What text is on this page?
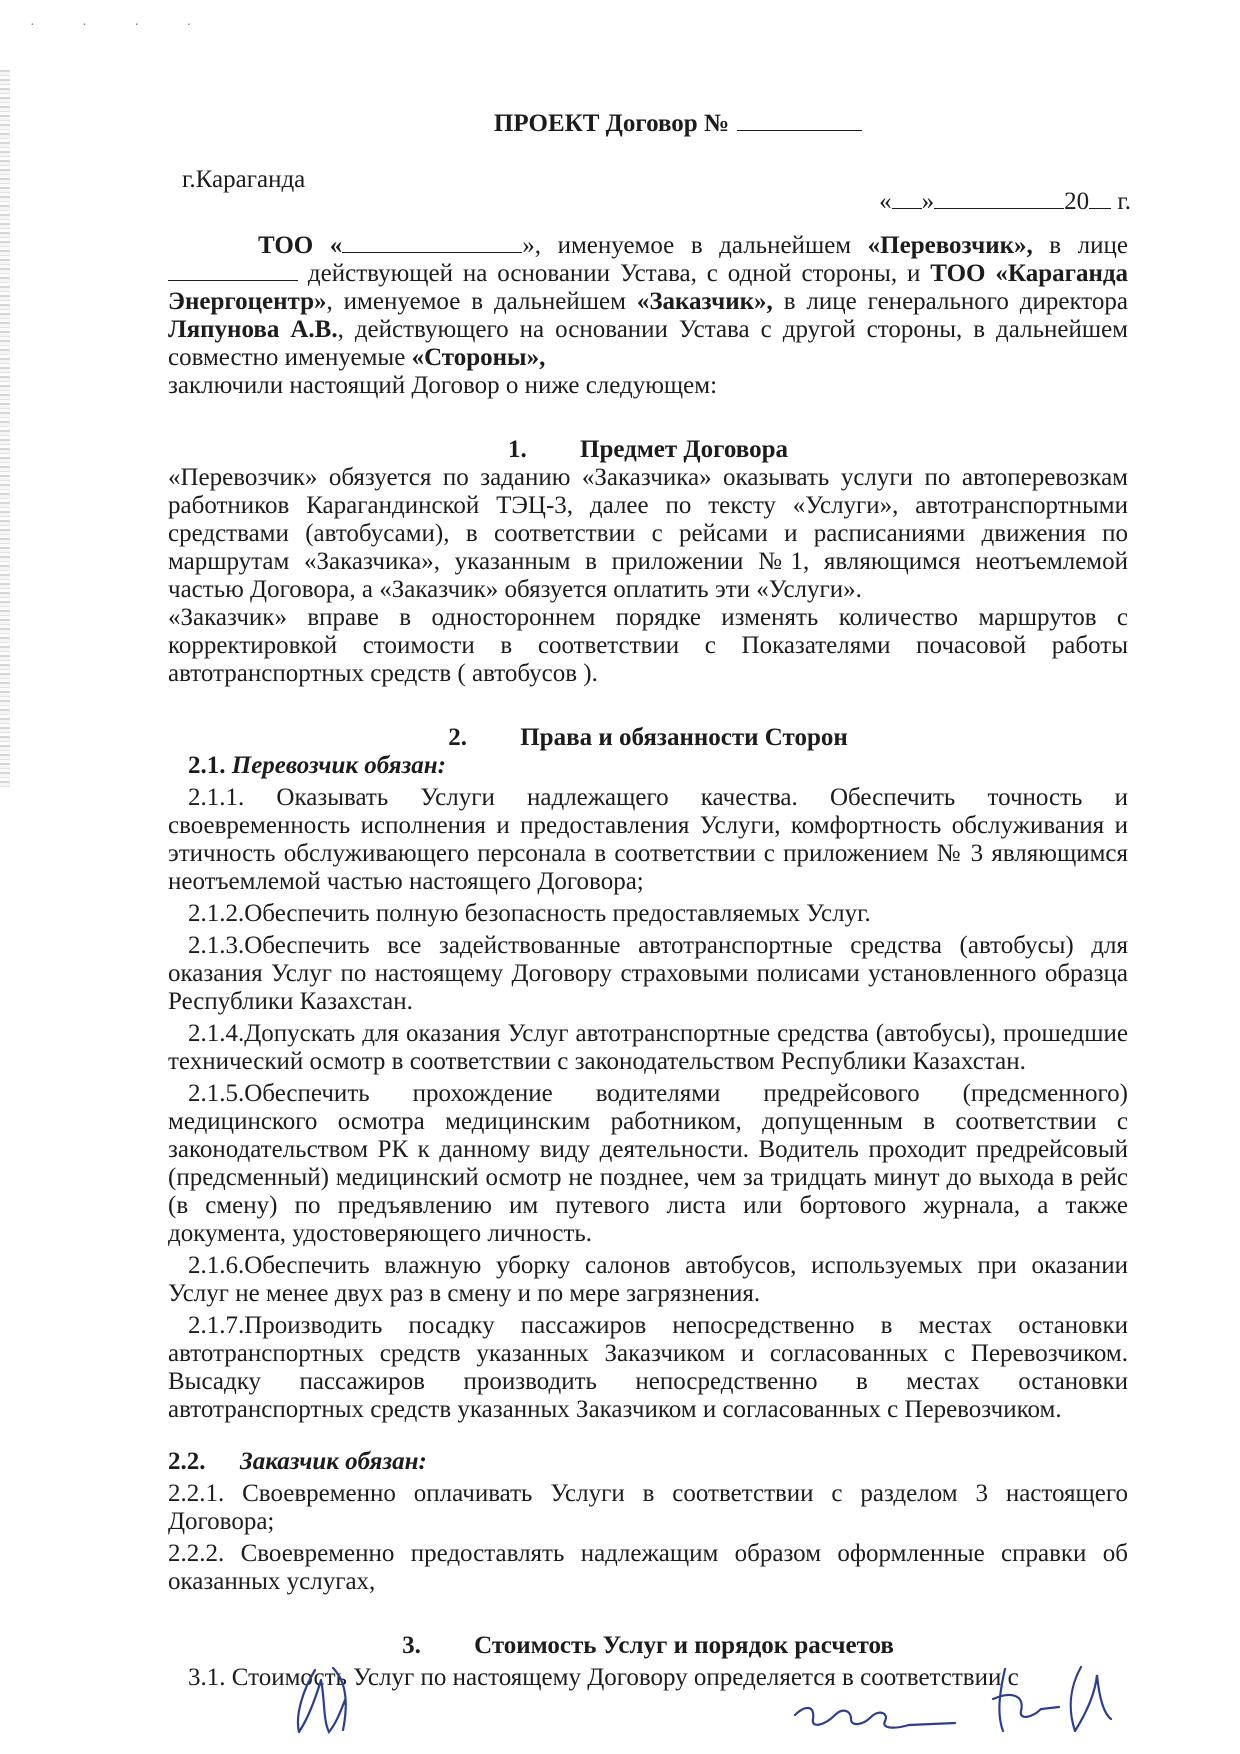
· · · ·
ПРОЕКТ Договор №
г.Караганда
« »	20 г.

ТОО «	», именуемое в дальнейшем «Перевозчик», в лице  действующей на основании Устава, с одной стороны, и ТОО «Караганда Энергоцентр», именуемое в дальнейшем «Заказчик», в лице генерального директора Ляпунова А.В., действующего на основании Устава с другой стороны, в дальнейшем совместно именуемые «Стороны»,

заключили настоящий Договор о ниже следующем:

1. Предмет Договора

«Перевозчик» обязуется по заданию «Заказчика» оказывать услуги по автоперевозкам работников Карагандинской ТЭЦ-3, далее по тексту «Услуги», автотранспортными средствами (автобусами), в соответствии с рейсами и расписаниями движения по маршрутам «Заказчика», указанным в приложении №1, являющимся неотъемлемой частью Договора, а «Заказчик» обязуется оплатить эти «Услуги».

«Заказчик» вправе в одностороннем порядке изменять количество маршрутов с корректировкой стоимости в соответствии с Показателями почасовой работы автотранспортных средств ( автобусов ).

2. Права и обязанности Сторон
2.1. Перевозчик обязан:

2.1.1. Оказывать Услуги надлежащего качества. Обеспечить точность и своевременность исполнения и предоставления Услуги, комфортность обслуживания и этичность обслуживающего персонала в соответствии с приложением № 3 являющимся неотъемлемой частью настоящего Договора;

2.1.2.Обеспечить полную безопасность предоставляемых Услуг.

2.1.3.Обеспечить все задействованные автотранспортные средства (автобусы) для оказания Услуг по настоящему Договору страховыми полисами установленного образца Республики Казахстан.

2.1.4.Допускать для оказания Услуг автотранспортные средства (автобусы), прошедшие технический осмотр в соответствии с законодательством Республики Казахстан.

2.1.5.Обеспечить прохождение водителями предрейсового (предсменного) медицинского осмотра медицинским работником, допущенным в соответствии с законодательством РК к данному виду деятельности. Водитель проходит предрейсовый (предсменный) медицинский осмотр не позднее, чем за тридцать минут до выхода в рейс (в смену) по предъявлению им путевого листа или бортового журнала, а также документа, удостоверяющего личность.

2.1.6.Обеспечить влажную уборку салонов автобусов, используемых при оказании Услуг не менее двух раз в смену и по мере загрязнения.

2.1.7.Производить посадку пассажиров непосредственно в местах остановки автотранспортных средств указанных Заказчиком и согласованных с Перевозчиком. Высадку пассажиров производить непосредственно в местах остановки автотранспортных средств указанных Заказчиком и согласованных с Перевозчиком.

2.2. Заказчик обязан:

2.2.1. Своевременно оплачивать Услуги в соответствии с разделом 3 настоящего Договора;

2.2.2. Своевременно предоставлять надлежащим образом оформленные справки об оказанных услугах,

3. Стоимость Услуг и порядок расчетов

3.1. Стоимость Услуг по настоящему Договору определяется в соответствии с
